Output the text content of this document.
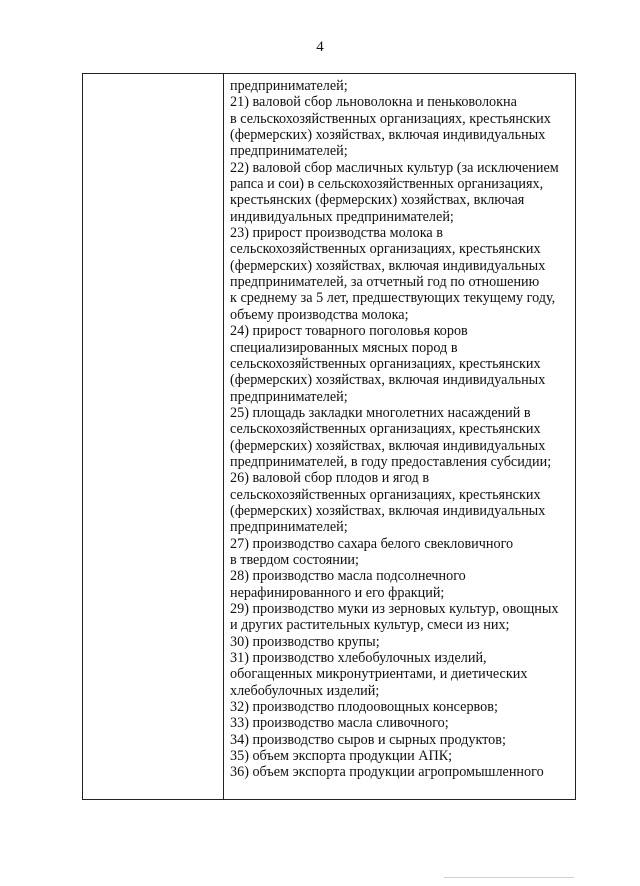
4
предпринимателей;
21) валовой сбор льноволокна и пеньковолокна
в сельскохозяйственных организациях, крестьянских
(фермерских) хозяйствах, включая индивидуальных
предпринимателей;
22) валовой сбор масличных культур (за исключением
рапса и сои) в сельскохозяйственных организациях,
крестьянских (фермерских) хозяйствах, включая
индивидуальных предпринимателей;
23) прирост производства молока в
сельскохозяйственных организациях, крестьянских
(фермерских) хозяйствах, включая индивидуальных
предпринимателей, за отчетный год по отношению
к среднему за 5 лет, предшествующих текущему году,
объему производства молока;
24) прирост товарного поголовья коров
специализированных мясных пород в
сельскохозяйственных организациях, крестьянских
(фермерских) хозяйствах, включая индивидуальных
предпринимателей;
25) площадь закладки многолетних насаждений в
сельскохозяйственных организациях, крестьянских
(фермерских) хозяйствах, включая индивидуальных
предпринимателей, в году предоставления субсидии;
26) валовой сбор плодов и ягод в
сельскохозяйственных организациях, крестьянских
(фермерских) хозяйствах, включая индивидуальных
предпринимателей;
27) производство сахара белого свекловичного
в твердом состоянии;
28) производство масла подсолнечного
нерафинированного и его фракций;
29) производство муки из зерновых культур, овощных
и других растительных культур, смеси из них;
30) производство крупы;
31) производство хлебобулочных изделий,
обогащенных микронутриентами, и диетических
хлебобулочных изделий;
32) производство плодоовощных консервов;
33) производство масла сливочного;
34) производство сыров и сырных продуктов;
35) объем экспорта продукции АПК;
36) объем экспорта продукции агропромышленного
